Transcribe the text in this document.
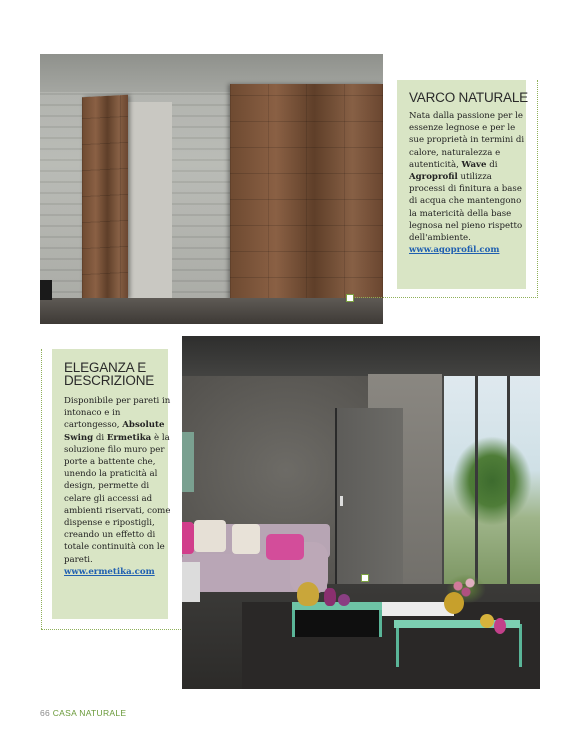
VARCO NATURALE
Nata dalla passione per le essenze legnose e per le sue proprietà in termini di calore, naturalezza e autenticità, Wave di Agroprofil utilizza processi di finitura a base di acqua che mantengono la matericità della base legnosa nel pieno rispetto dell'ambiente.
www.agoprofil.com
ELEGANZA E DESCRIZIONE
Disponibile per pareti in intonaco e in cartongesso, Absolute Swing di Ermetika è la soluzione filo muro per porte a battente che, unendo la praticità al design, permette di celare gli accessi ad ambienti riservati, come dispense e ripostigli, creando un effetto di totale continuità con le pareti.
www.ermetika.com
66 CASA NATURALE
